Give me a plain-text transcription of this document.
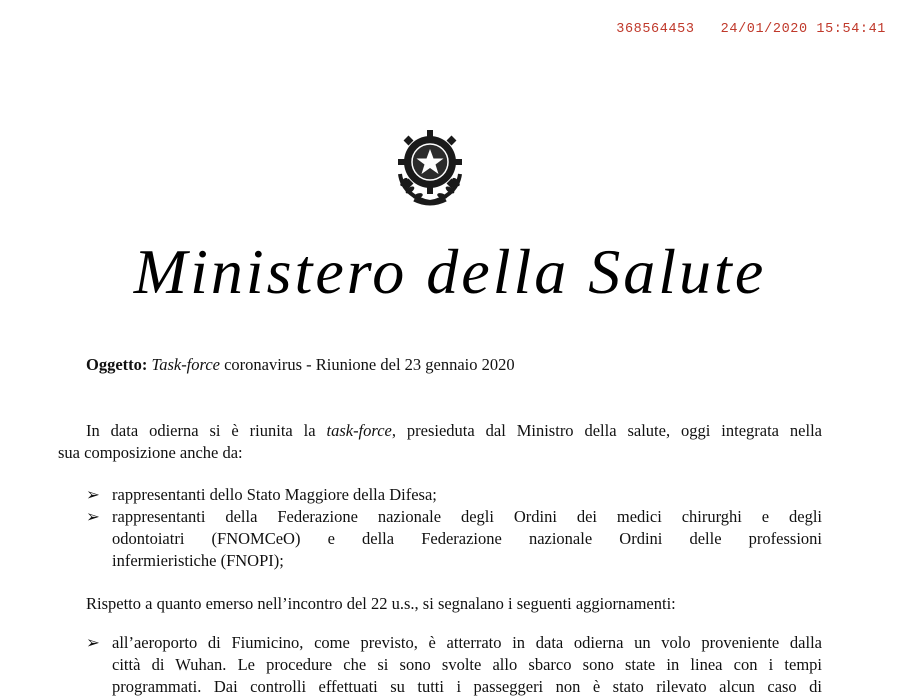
368564453 24/01/2020 15:54:41
Ministero della Salute

Oggetto: Task-force coronavirus - Riunione del 23 gennaio 2020

In data odierna si è riunita la task-force, presieduta dal Ministro della salute, oggi integrata nella
sua composizione anche da:
➢ rappresentanti dello Stato Maggiore della Difesa;
➢ rappresentanti della Federazione nazionale degli Ordini dei medici chirurghi e degli
odontoiatri (FNOMCeO) e della Federazione nazionale Ordini delle professioni
infermieristiche (FNOPI);

Rispetto a quanto emerso nell’incontro del 22 u.s., si segnalano i seguenti aggiornamenti:

➢ all’aeroporto di Fiumicino, come previsto, è atterrato in data odierna un volo proveniente dalla
città di Wuhan. Le procedure che si sono svolte allo sbarco sono state in linea con i tempi
programmati. Dai controlli effettuati su tutti i passeggeri non è stato rilevato alcun caso di
